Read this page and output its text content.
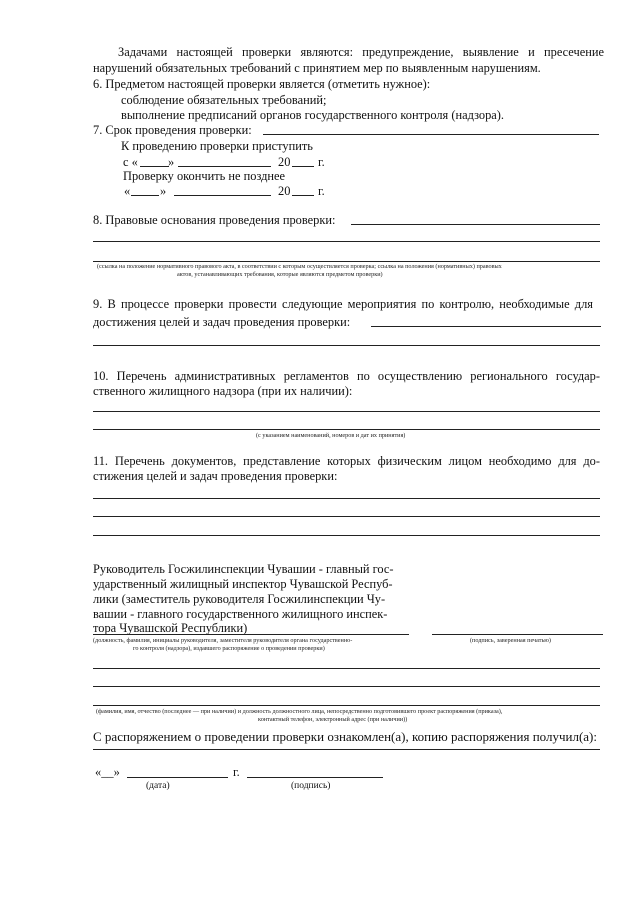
Задачами настоящей проверки являются: предупреждение, выявление и пресечение
нарушений обязательных требований с принятием мер по выявленным нарушениям.
6. Предметом настоящей проверки является (отметить нужное):
соблюдение обязательных требований;
выполнение предписаний органов государственного контроля (надзора).
7. Срок проведения проверки:
К проведению проверки приступить
с « »	20 г.
Проверку окончить не позднее
« »	20 г.
8. Правовые основания проведения проверки:
(ссылка на положение нормативного правового акта, в соответствии с которым осуществляется проверка; ссылка на положения (нормативных) правовых
актов, устанавливающих требования, которые являются предметом проверки)
9. В процессе проверки провести следующие мероприятия по контролю, необходимые для
достижения целей и задач проведения проверки:
10. Перечень административных регламентов по осуществлению регионального государ-
ственного жилищного надзора (при их наличии):
(с указанием наименований, номеров и дат их принятия)
11. Перечень документов, представление которых физическим лицом необходимо для до-
стижения целей и задач проведения проверки:
Руководитель Госжилинспекции Чувашии - главный гос-
ударственный жилищный инспектор Чувашской Респуб-
лики (заместитель руководителя Госжилинспекции Чу-
вашии - главного государственного жилищного инспек-
тора Чувашской Республики)
(должность, фамилия, инициалы руководителя, заместителя руководителя органа государственно-
го контроля (надзора), издавшего распоряжение о проведении проверки)
(подпись, заверенная печатью)
(фамилия, имя, отчество (последнее — при наличии) и должность должностного лица, непосредственно подготовившего проект распоряжения (приказа),
контактный телефон, электронный адрес (при наличии))
С распоряжением о проведении проверки ознакомлен(а), копию распоряжения получил(а):
«__»	г.
(дата)	(подпись)
